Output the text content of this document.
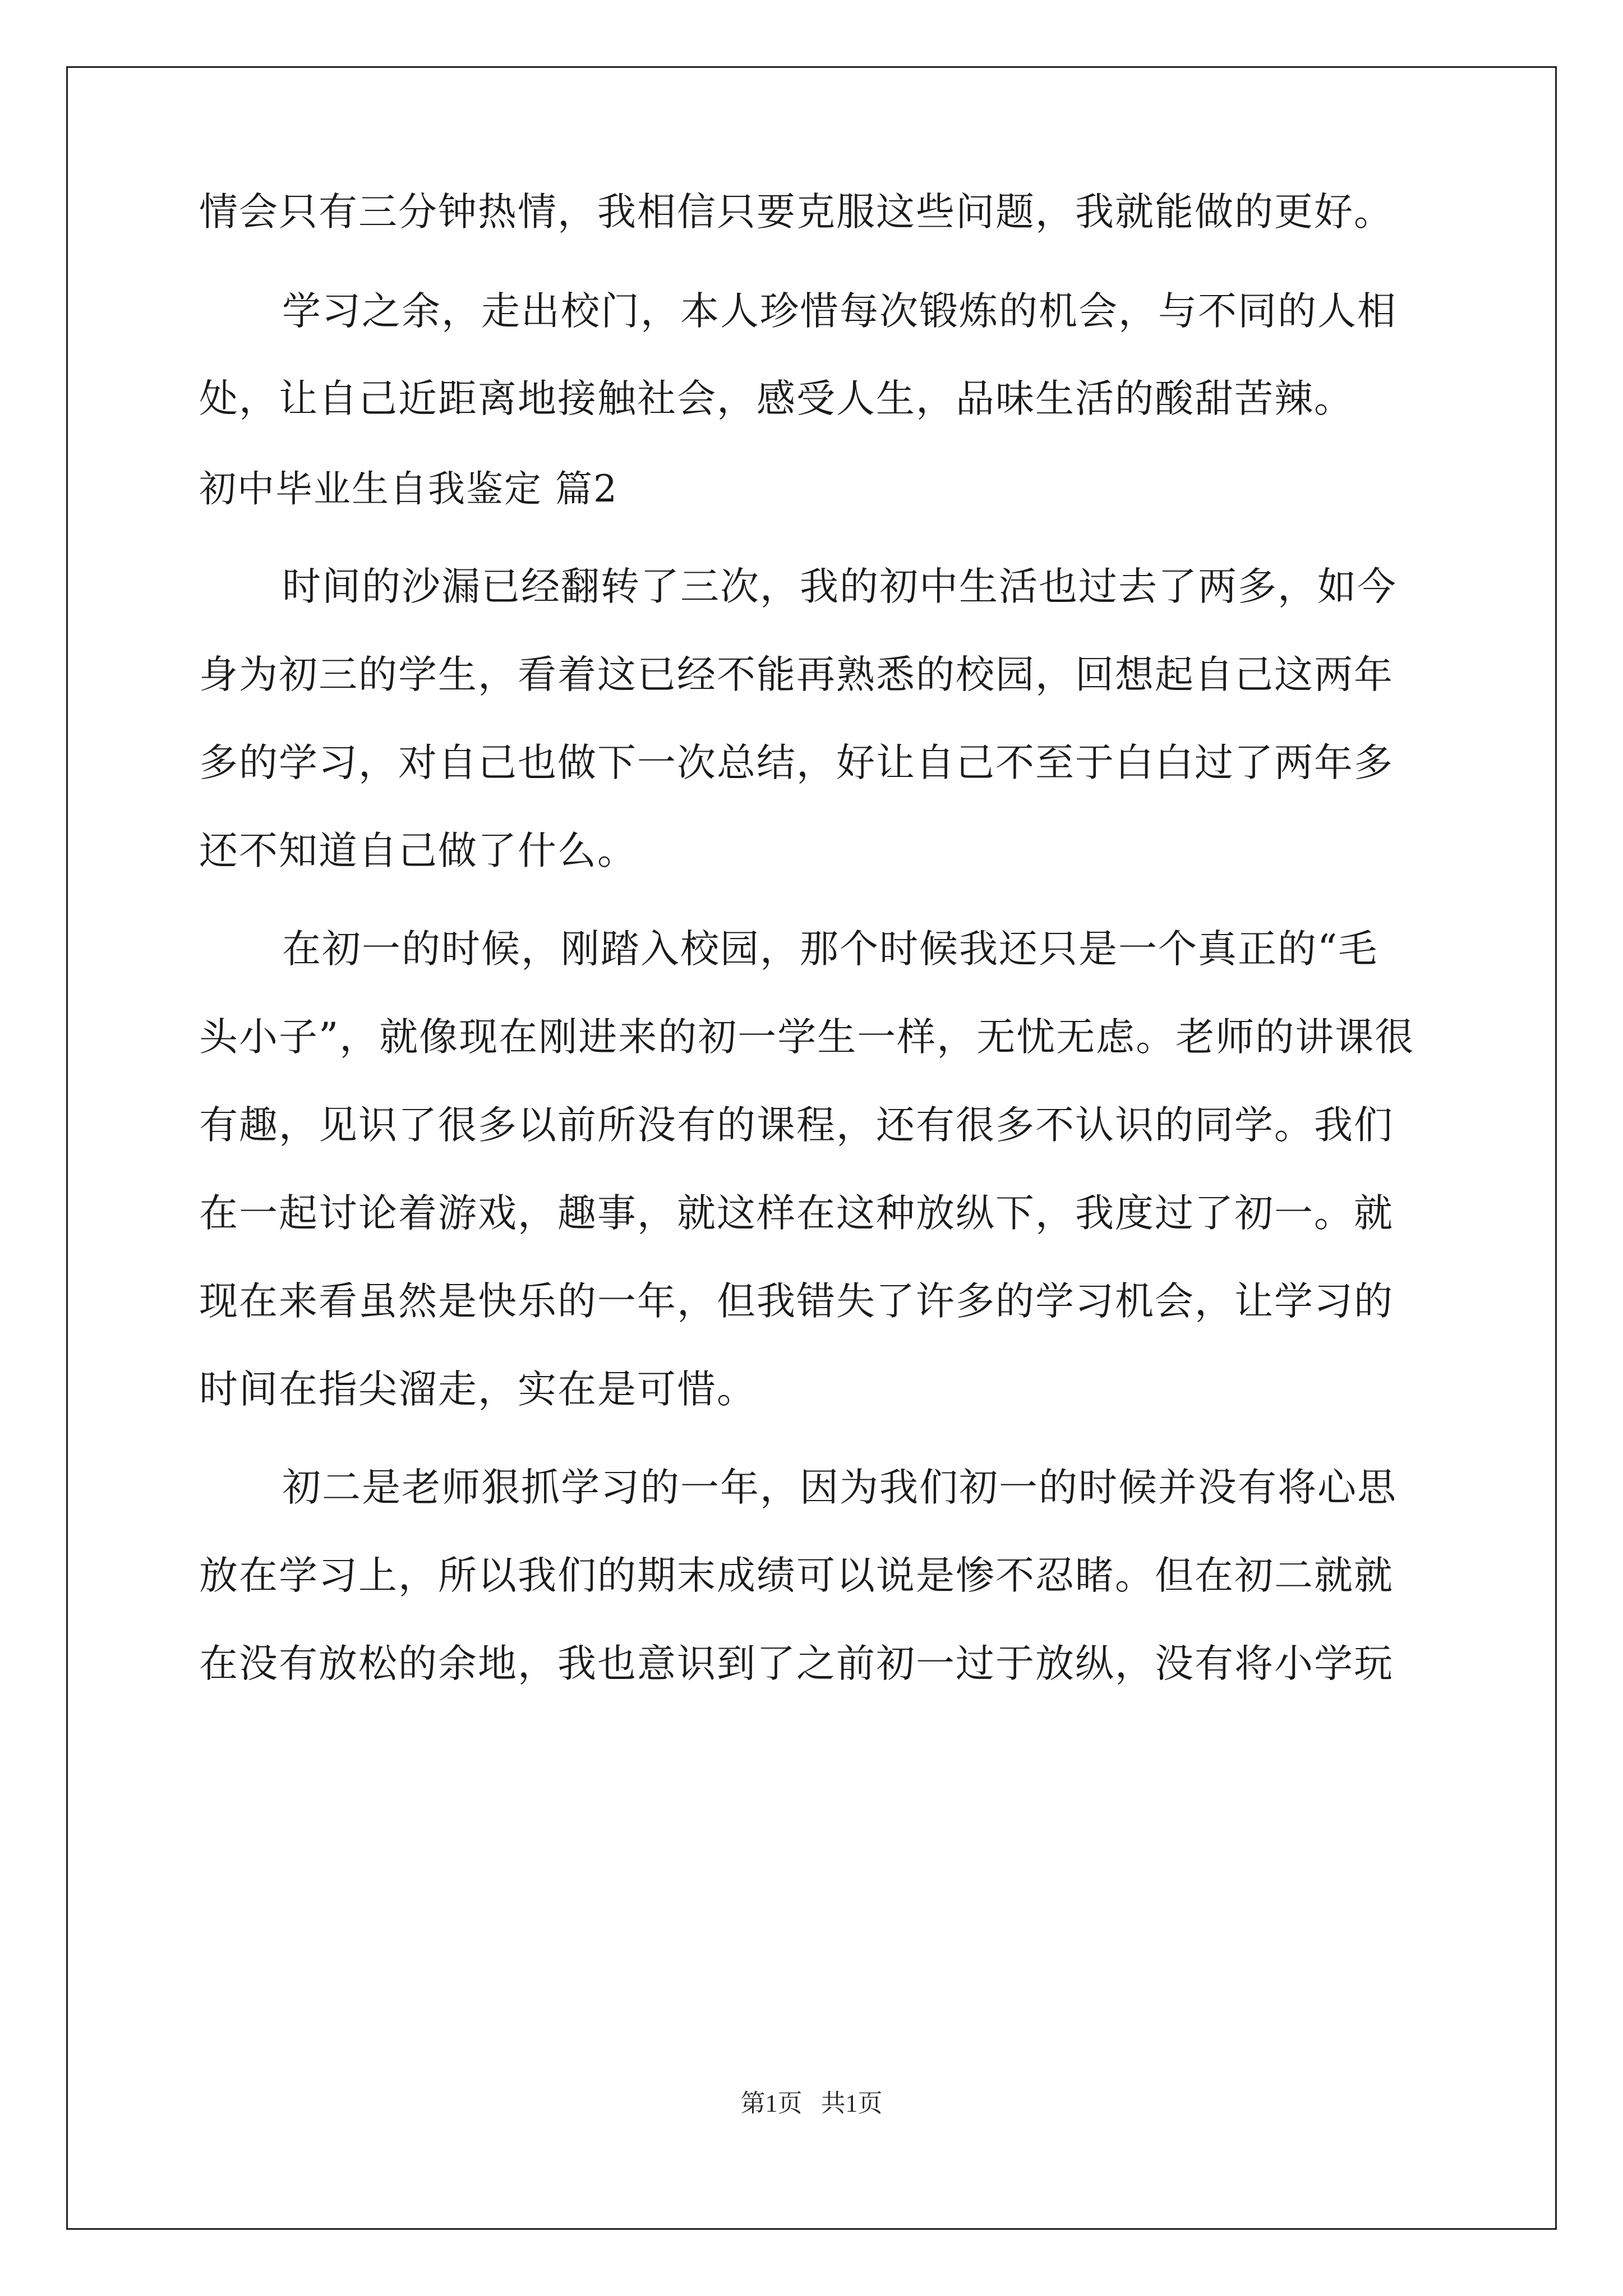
情会只有三分钟热情，我相信只要克服这些问题，我就能做的更好。
学习之余，走出校门，本人珍惜每次锻炼的机会，与不同的人相
处，让自己近距离地接触社会，感受人生，品味生活的酸甜苦辣。
初中毕业生自我鉴定 篇2
时间的沙漏已经翻转了三次，我的初中生活也过去了两多，如今
身为初三的学生，看着这已经不能再熟悉的校园，回想起自己这两年
多的学习，对自己也做下一次总结，好让自己不至于白白过了两年多
还不知道自己做了什么。
在初一的时候，刚踏入校园，那个时候我还只是一个真正的“毛
头小子”，就像现在刚进来的初一学生一样，无忧无虑。老师的讲课很
有趣，见识了很多以前所没有的课程，还有很多不认识的同学。我们
在一起讨论着游戏，趣事，就这样在这种放纵下，我度过了初一。就
现在来看虽然是快乐的一年，但我错失了许多的学习机会，让学习的
时间在指尖溜走，实在是可惜。
初二是老师狠抓学习的一年，因为我们初一的时候并没有将心思
放在学习上，所以我们的期末成绩可以说是惨不忍睹。但在初二就就
在没有放松的余地，我也意识到了之前初一过于放纵，没有将小学玩
第1页   共1页
